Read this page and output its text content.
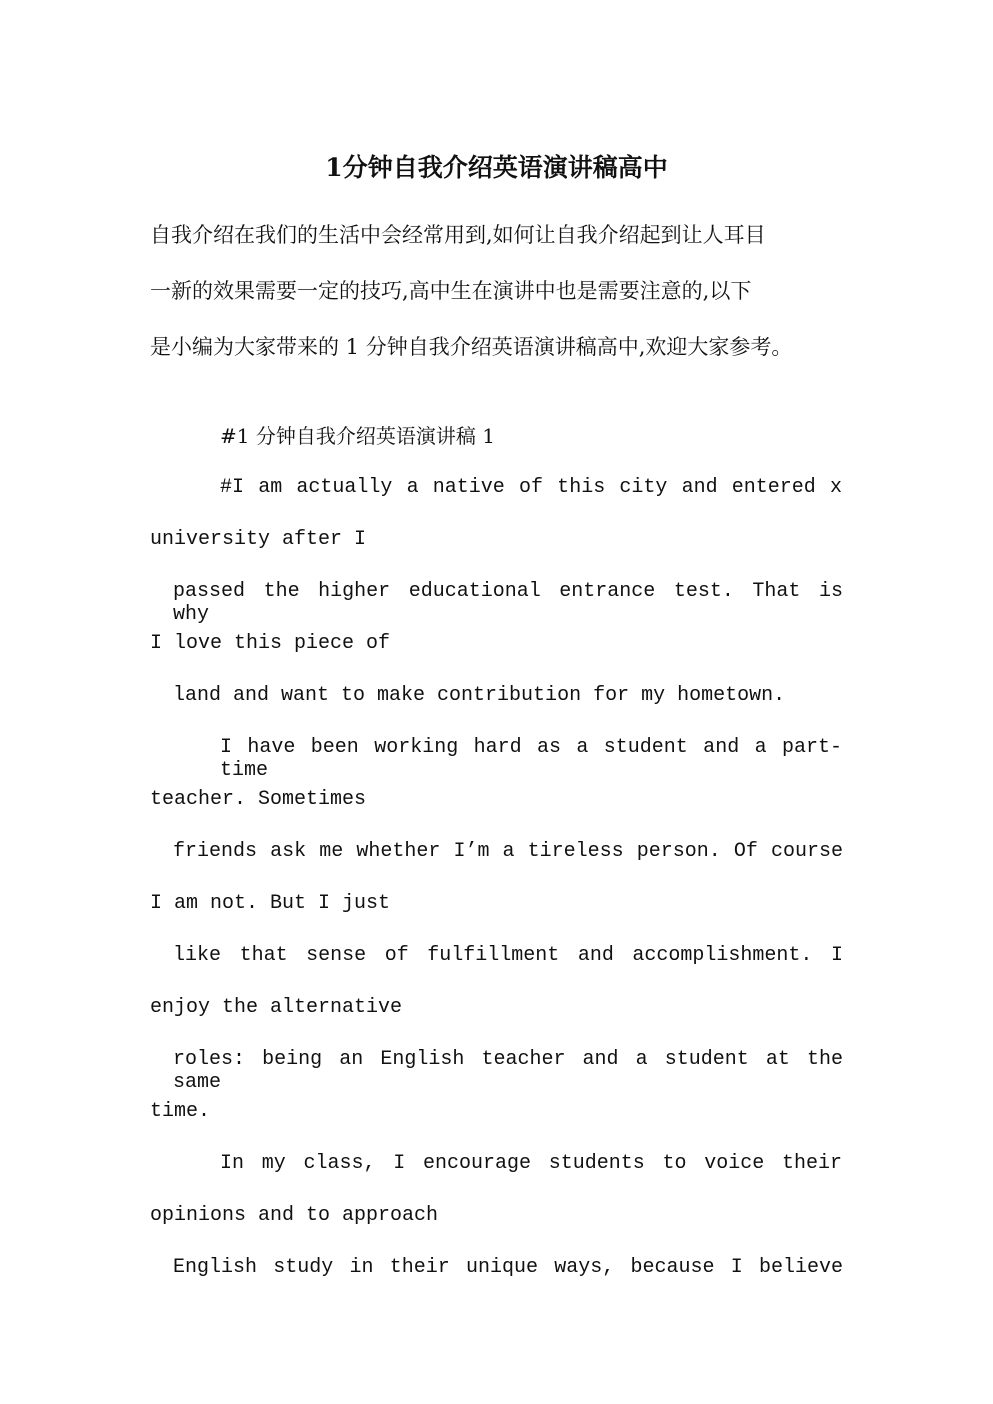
1分钟自我介绍英语演讲稿高中
自我介绍在我们的生活中会经常用到,如何让自我介绍起到让人耳目
一新的效果需要一定的技巧,高中生在演讲中也是需要注意的,以下
是小编为大家带来的 1 分钟自我介绍英语演讲稿高中,欢迎大家参考。
#1 分钟自我介绍英语演讲稿 1
#I am actually a native of this city and entered x
university after I
passed the higher educational entrance test. That is why
I love this piece of
land and want to make contribution for my hometown.
I have been working hard as a student and a part-time
teacher. Sometimes
friends ask me whether I’m a tireless person. Of course
I am not. But I just
like that sense of fulfillment and accomplishment. I
enjoy the alternative
roles: being an English teacher and a student at the same
time.
In my class, I encourage students to voice their
opinions and to approach
English study in their unique ways, because I believe
